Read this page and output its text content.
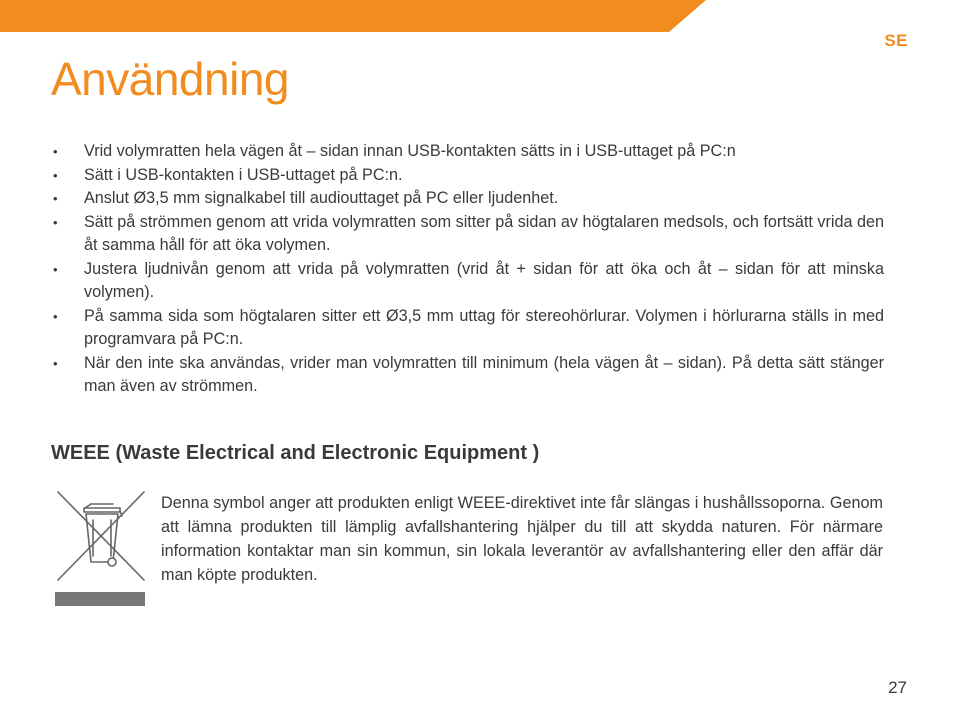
SE
Användning
• Vrid volymratten hela vägen åt – sidan innan USB-kontakten sätts in i USB-uttaget på PC:n
• Sätt i USB-kontakten i USB-uttaget på PC:n.
• Anslut Ø3,5 mm signalkabel till audiouttaget på PC eller ljudenhet.
• Sätt på strömmen genom att vrida volymratten som sitter på sidan av högtalaren medsols, och fortsätt vrida den åt samma håll för att öka volymen.
• Justera ljudnivån genom att vrida på volymratten (vrid åt + sidan för att öka och åt – sidan för att minska volymen).
• På samma sida som högtalaren sitter ett Ø3,5 mm uttag för stereohörlurar. Volymen i hörlurarna ställs in med programvara på PC:n.
• När den inte ska användas, vrider man volymratten till minimum (hela vägen åt – sidan). På detta sätt stänger man även av strömmen.
WEEE (Waste Electrical and Electronic Equipment )

Denna symbol anger att produkten enligt WEEE-direktivet inte får slängas i hushållssoporna. Genom att lämna produkten till lämplig avfallshantering hjälper du till att skydda naturen. För närmare information kontaktar man sin kommun, sin lokala leverantör av avfallshantering eller den affär där man köpte produkten.

27
